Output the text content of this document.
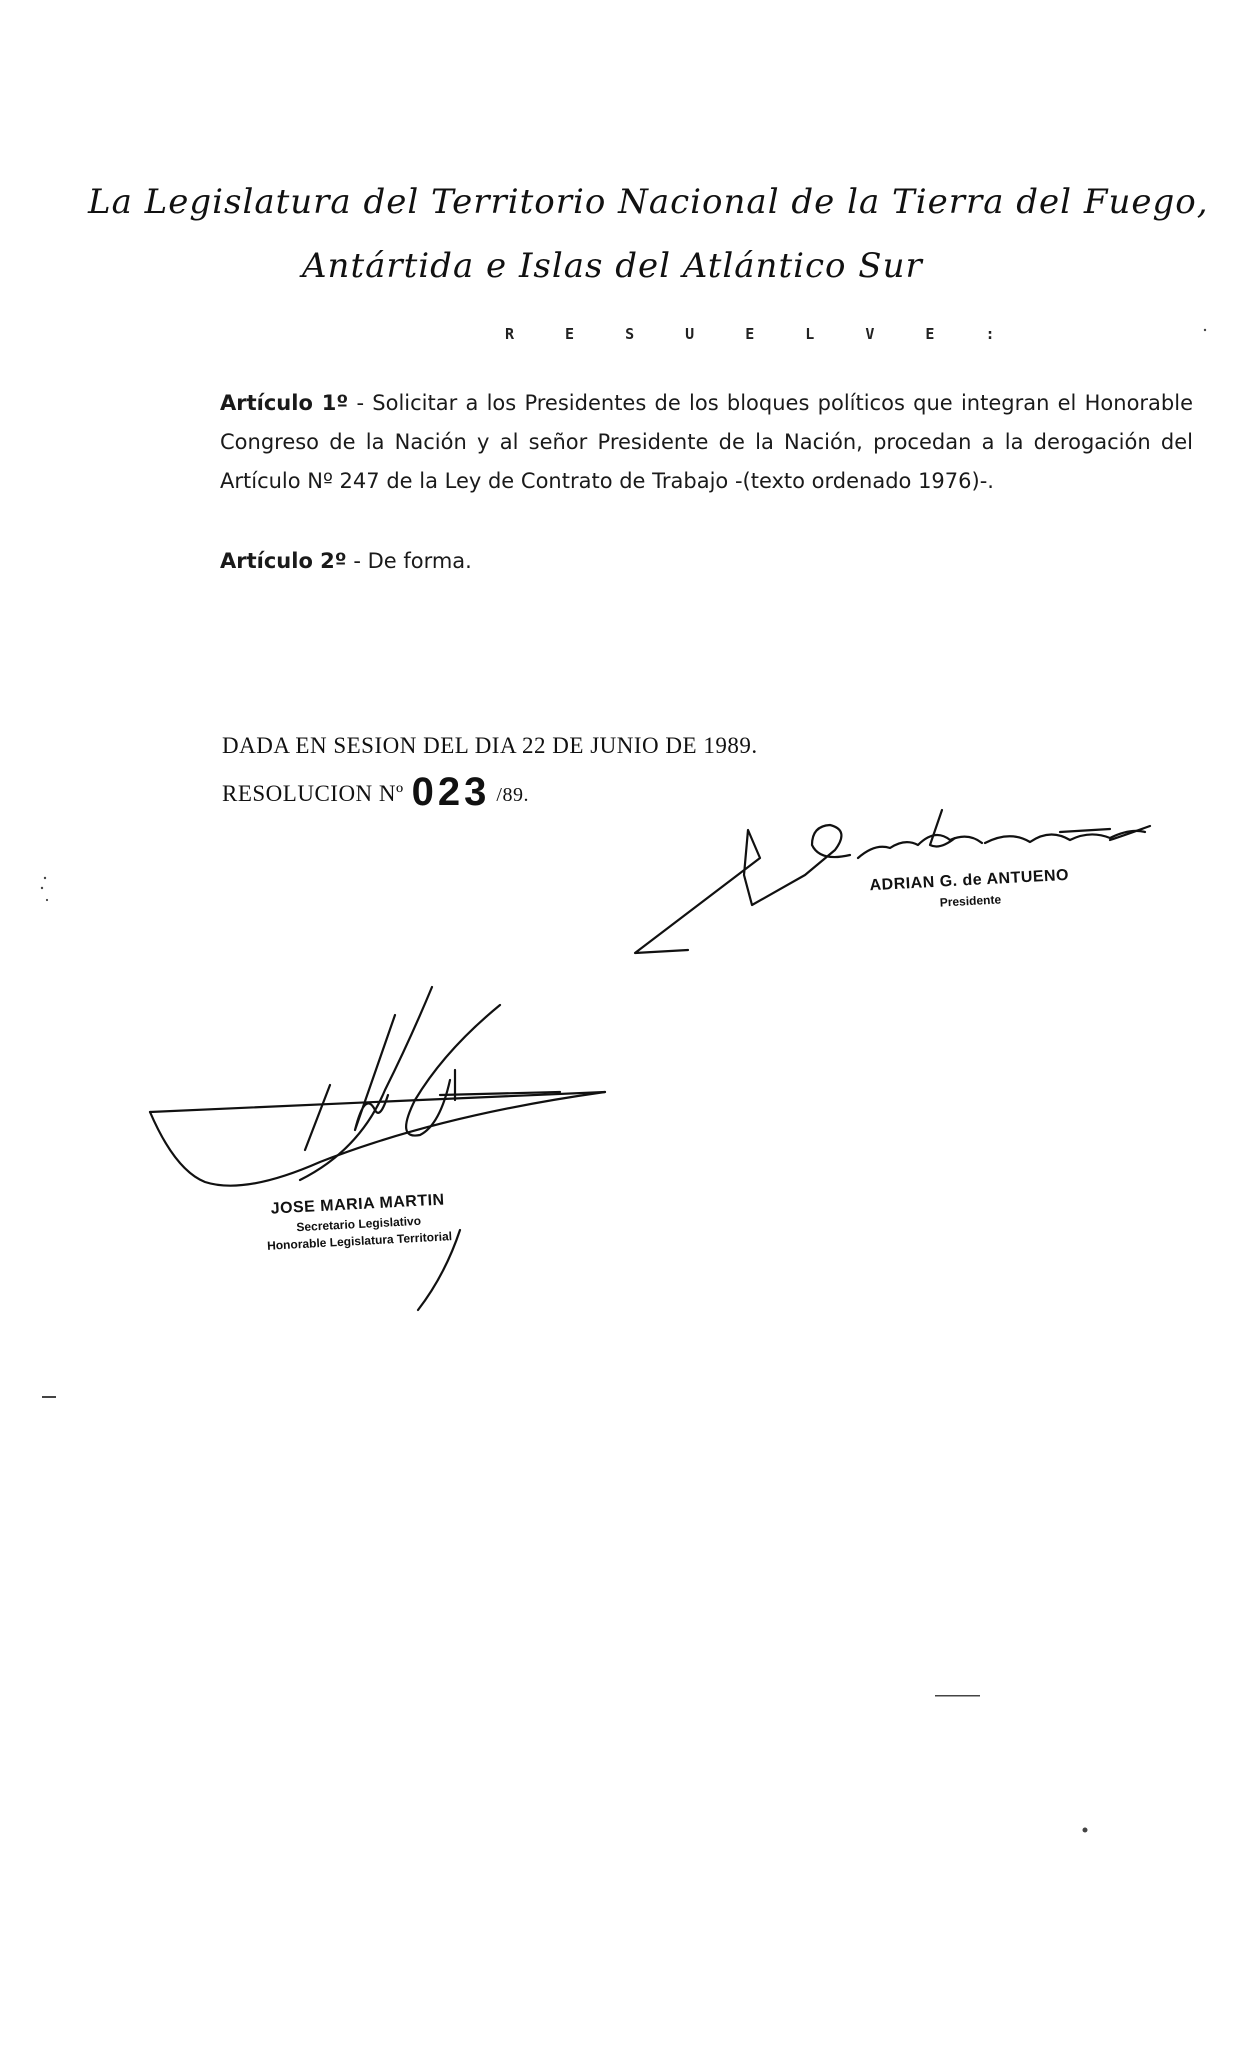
La Legislatura del Territorio Nacional de la Tierra del Fuego,
Antártida e Islas del Atlántico Sur
R E S U E L V E :
Artículo 1º - Solicitar a los Presidentes de los bloques políticos que integran el Honorable Congreso de la Nación y al señor Presidente de la Nación, procedan a la derogación del Artículo Nº 247 de la Ley de Contrato de Trabajo -(texto ordenado 1976)-.
Artículo 2º - De forma.
DADA EN SESION DEL DIA 22 DE JUNIO DE 1989.
RESOLUCION Nº 023 /89.
ADRIAN G. de ANTUENO
Presidente
JOSE MARIA MARTIN
Secretario Legislativo
Honorable Legislatura Territorial
